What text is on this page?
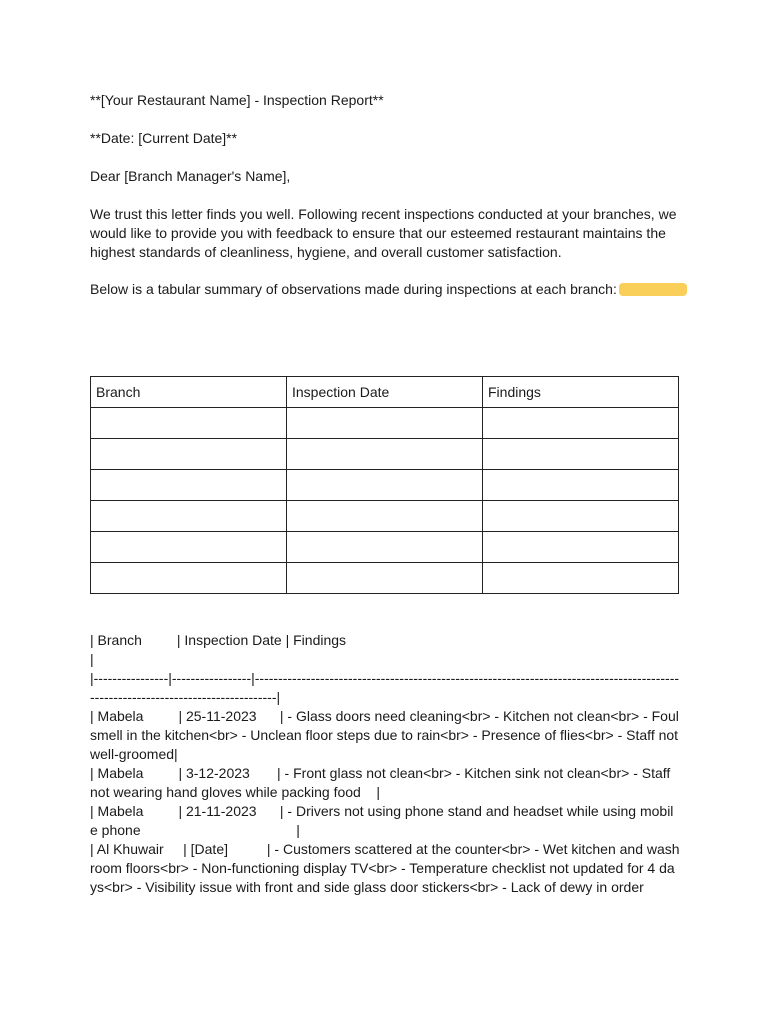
**[Your Restaurant Name] - Inspection Report**
**Date: [Current Date]**
Dear [Branch Manager's Name],
We trust this letter finds you well. Following recent inspections conducted at your branches, we would like to provide you with feedback to ensure that our esteemed restaurant maintains the highest standards of cleanliness, hygiene, and overall customer satisfaction.
Below is a tabular summary of observations made during inspections at each branch:
Branch	Inspection Date	Findings

| Branch         | Inspection Date | Findings
|
|----------------|-----------------|-----------------------------------------------------------------------------------------------------------------------------------|
| Mabela         | 25-11-2023      | - Glass doors need cleaning<br> - Kitchen not clean<br> - Foul smell in the kitchen<br> - Unclean floor steps due to rain<br> - Presence of flies<br> - Staff not well-groomed|
| Mabela         | 3-12-2023       | - Front glass not clean<br> - Kitchen sink not clean<br> - Staff not wearing hand gloves while packing food    |
| Mabela         | 21-11-2023      | - Drivers not using phone stand and headset while using mobile phone                                        |
| Al Khuwair     | [Date]          | - Customers scattered at the counter<br> - Wet kitchen and washroom floors<br> - Non-functioning display TV<br> - Temperature checklist not updated for 4 days<br> - Visibility issue with front and side glass door stickers<br> - Lack of dewy in order
